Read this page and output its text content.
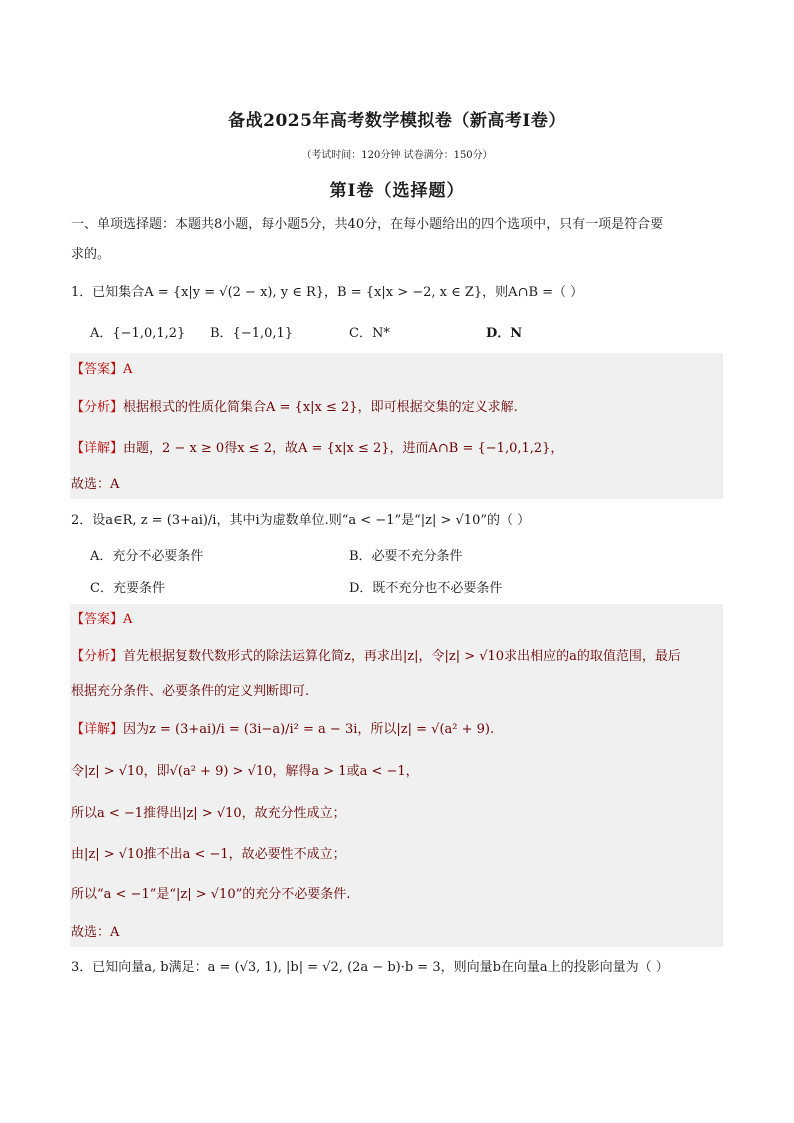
备战2025年高考数学模拟卷（新高考I卷）
（考试时间：120分钟 试卷满分：150分）
第I卷（选择题）
一、单项选择题：本题共8小题，每小题5分，共40分，在每小题给出的四个选项中，只有一项是符合要
求的。
1．已知集合A = {x|y = √(2 − x), y ∈ R}，B = {x|x > −2, x ∈ Z}，则A∩B =（ ）
A．{−1,0,1,2} B．{−1,0,1}	C．N*	D．N
【答案】A
【分析】根据根式的性质化简集合A = {x|x ≤ 2}，即可根据交集的定义求解.
【详解】由题，2 − x ≥ 0得x ≤ 2，故A = {x|x ≤ 2}，进而A∩B = {−1,0,1,2}，
故选：A
2．设a∈R, z = (3+ai)/i，其中i为虚数单位.则“a < −1”是“|z| > √10”的（ ）
A．充分不必要条件	B．必要不充分条件
C．充要条件	D．既不充分也不必要条件
【答案】A
【分析】首先根据复数代数形式的除法运算化简z，再求出|z|，令|z| > √10求出相应的a的取值范围，最后
根据充分条件、必要条件的定义判断即可.
【详解】因为z = (3+ai)/i = (3i−a)/i² = a − 3i，所以|z| = √(a² + 9).
令|z| > √10，即√(a² + 9) > √10，解得a > 1或a < −1，
所以a < −1推得出|z| > √10，故充分性成立；
由|z| > √10推不出a < −1，故必要性不成立；
所以“a < −1”是“|z| > √10”的充分不必要条件.
故选：A
3．已知向量a, b满足：a = (√3, 1), |b| = √2, (2a − b)·b = 3，则向量b在向量a上的投影向量为（ ）
